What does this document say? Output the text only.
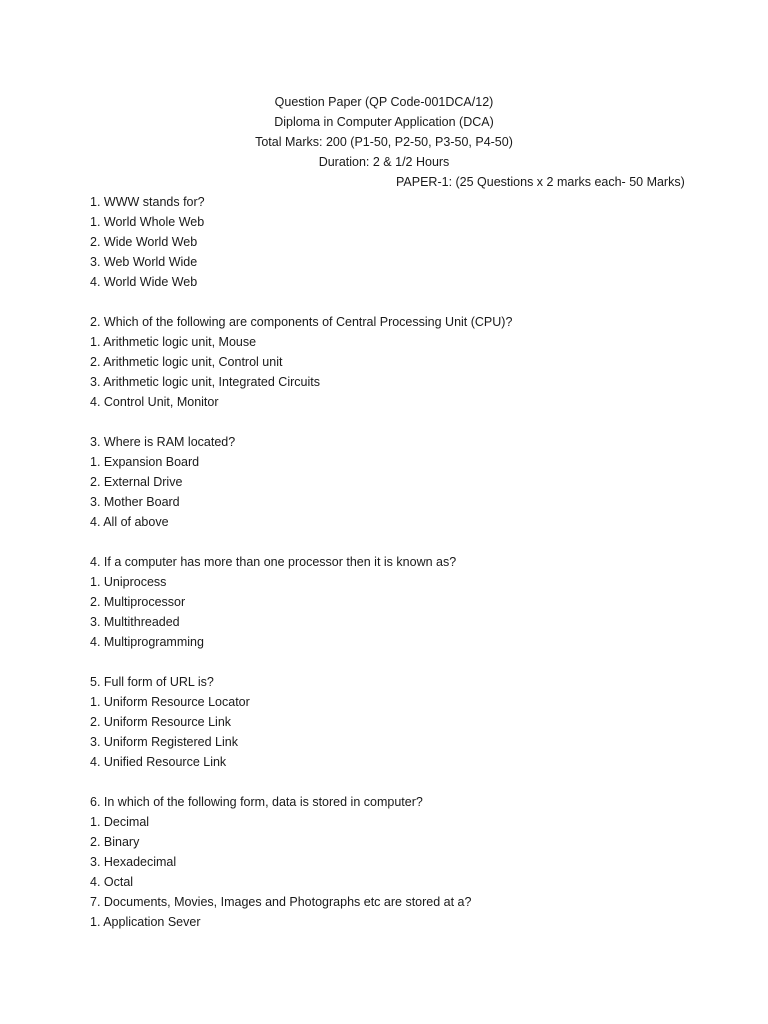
Question Paper (QP Code-001DCA/12)
Diploma in Computer Application (DCA)
Total Marks: 200 (P1-50, P2-50, P3-50, P4-50)
Duration: 2 & 1/2 Hours
PAPER-1: (25 Questions x 2 marks each- 50 Marks)
1. WWW stands for?
1. World Whole Web
2. Wide World Web
3. Web World Wide
4. World Wide Web
2. Which of the following are components of Central Processing Unit (CPU)?
1. Arithmetic logic unit, Mouse
2. Arithmetic logic unit, Control unit
3. Arithmetic logic unit, Integrated Circuits
4. Control Unit, Monitor
3. Where is RAM located?
1. Expansion Board
2. External Drive
3. Mother Board
4. All of above
4. If a computer has more than one processor then it is known as?
1. Uniprocess
2. Multiprocessor
3. Multithreaded
4. Multiprogramming
5. Full form of URL is?
1. Uniform Resource Locator
2. Uniform Resource Link
3. Uniform Registered Link
4. Unified Resource Link
6. In which of the following form, data is stored in computer?
1. Decimal
2. Binary
3. Hexadecimal
4. Octal
7. Documents, Movies, Images and Photographs etc are stored at a?
1. Application Sever
